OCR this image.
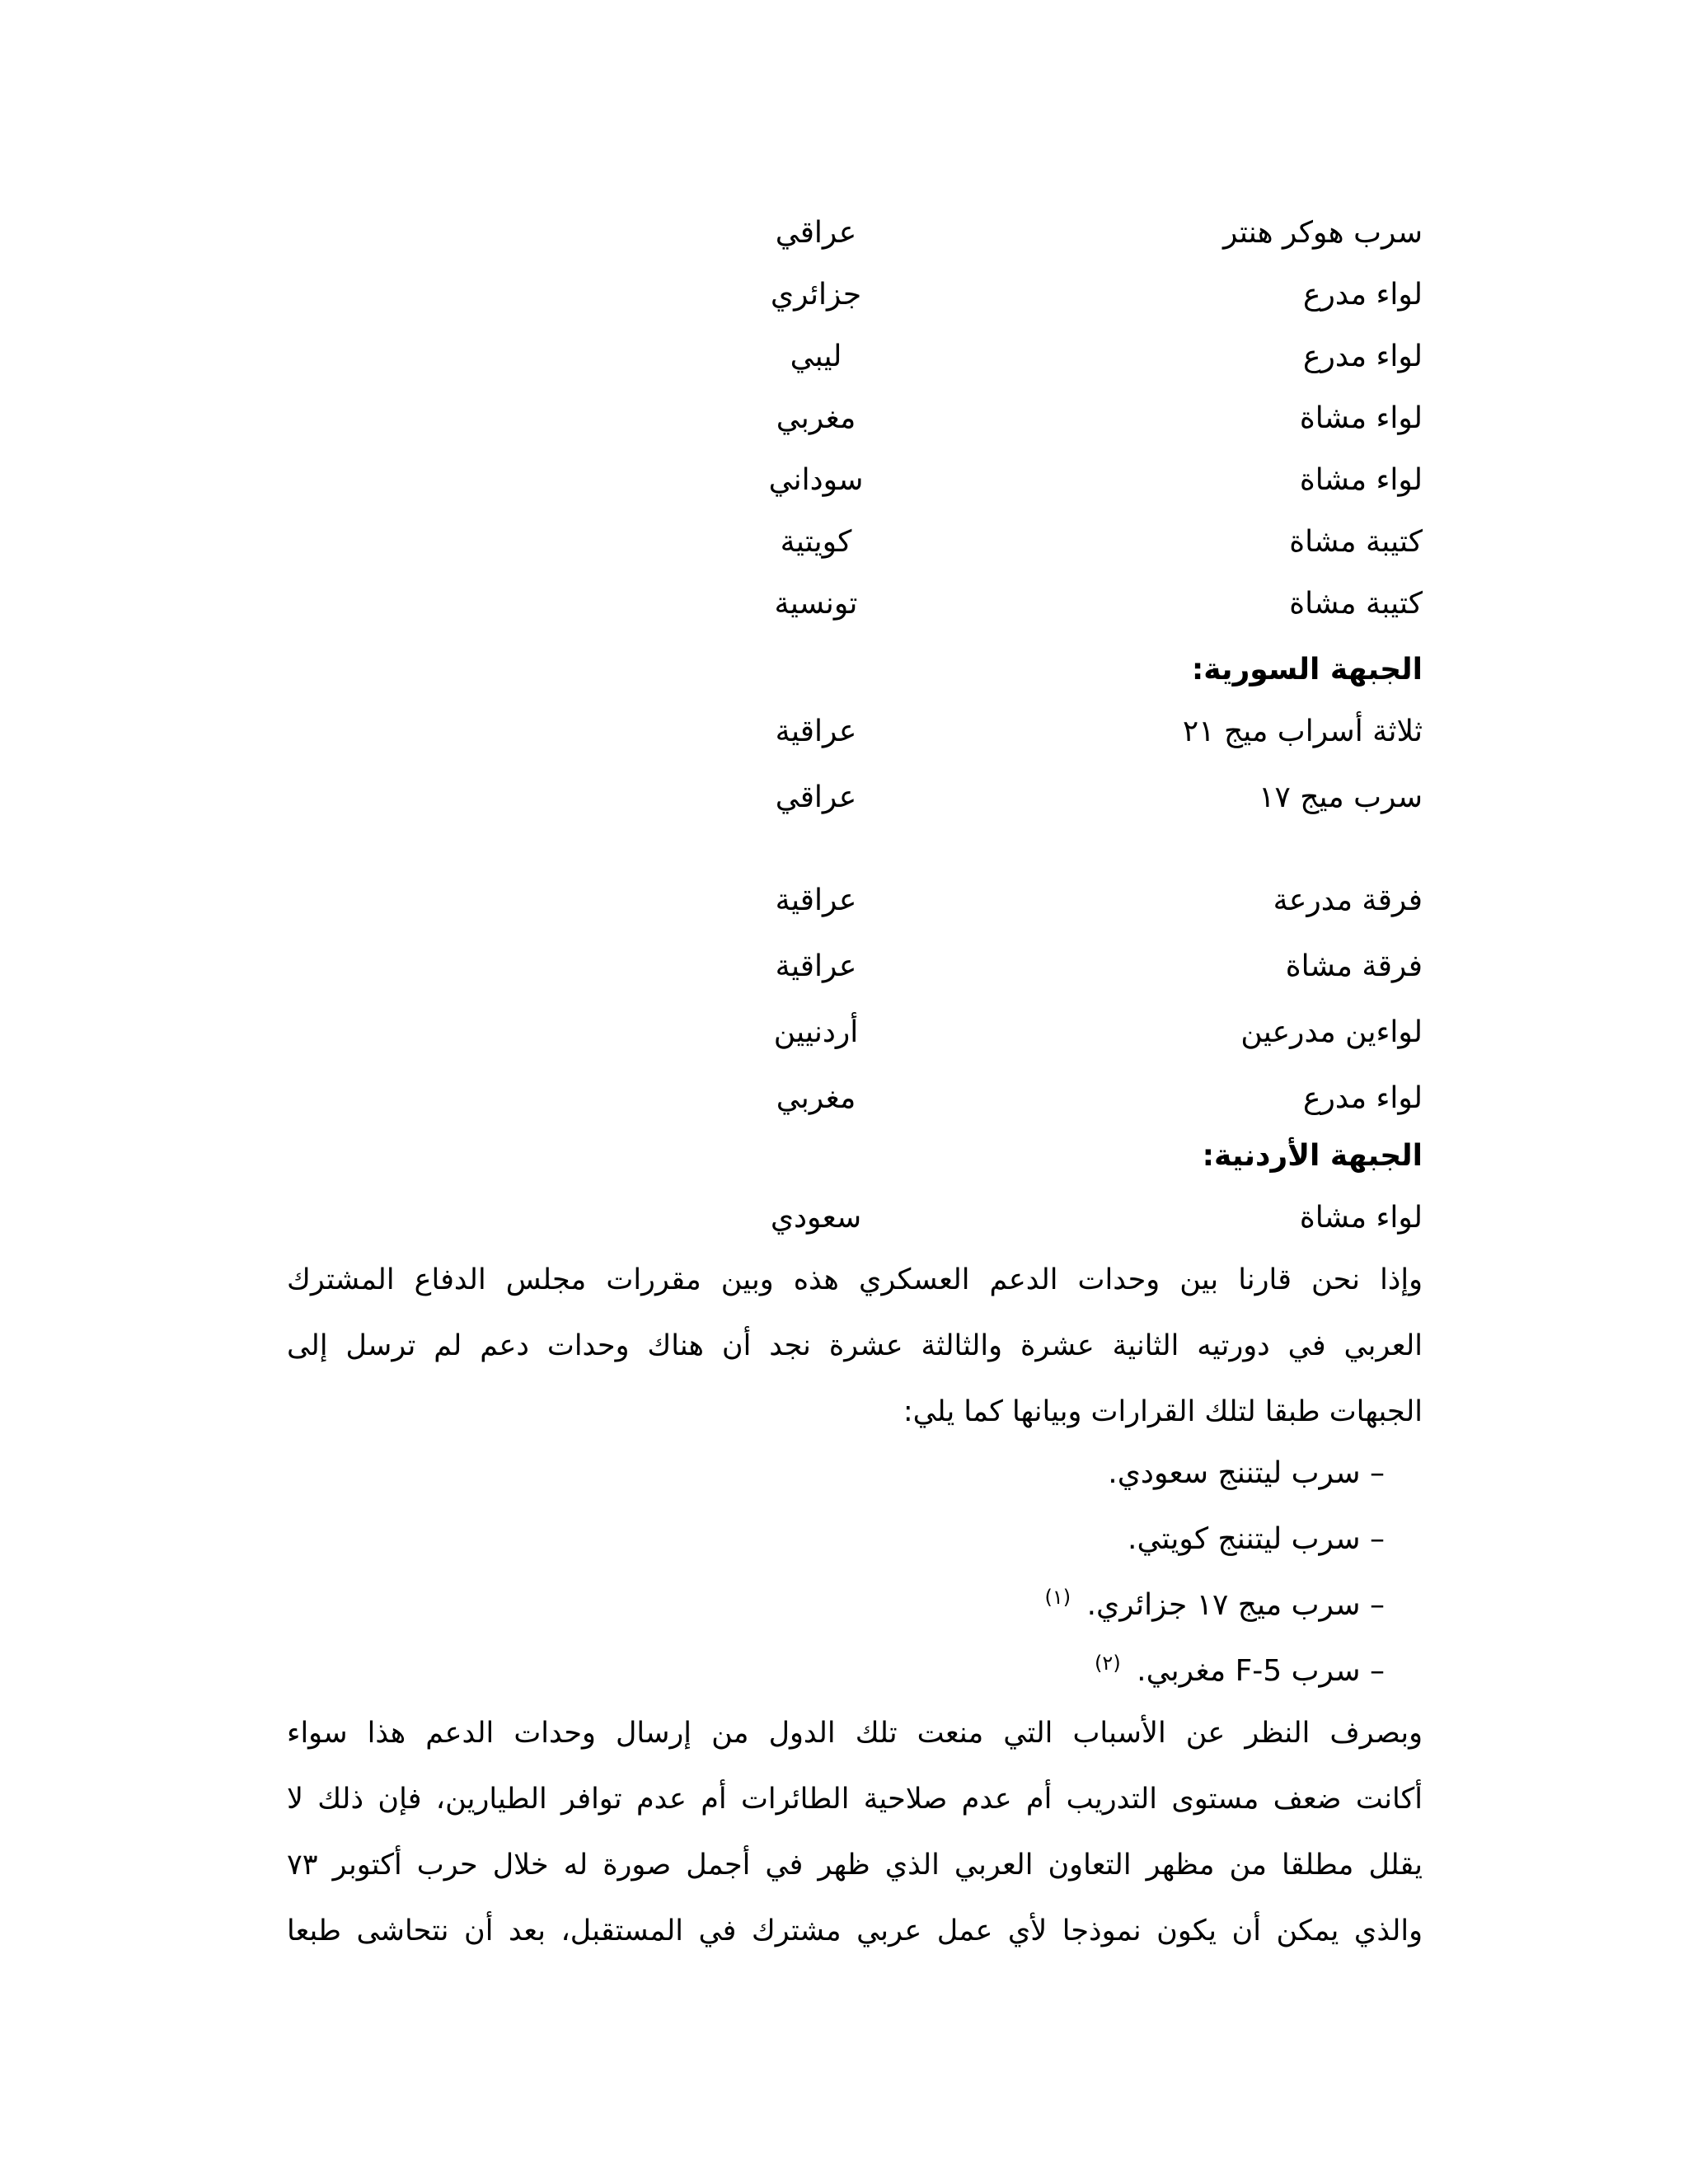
سرب هوكر هنتر
عراقي
لواء مدرع
جزائري
لواء مدرع
ليبي
لواء مشاة
مغربي
لواء مشاة
سوداني
كتيبة مشاة
كويتية
كتيبة مشاة
تونسية
الجبهة السورية:
ثلاثة أسراب ميج ٢١
عراقية
سرب ميج ١٧
عراقي
فرقة مدرعة
عراقية
فرقة مشاة
عراقية
لواءين مدرعين
أردنيين
لواء مدرع
مغربي
الجبهة الأردنية:
لواء مشاة
سعودي
وإذا نحن قارنا بين وحدات الدعم العسكري هذه وبين مقررات مجلس الدفاع المشترك
العربي في دورتيه الثانية عشرة والثالثة عشرة نجد أن هناك وحدات دعم لم ترسل إلى
الجبهات طبقا لتلك القرارات وبيانها كما يلي:
– سرب ليتننج سعودي.
– سرب ليتننج كويتي.
– سرب ميج ١٧ جزائري. $^{(١)}$
– سرب F-5 مغربي. $^{(٢)}$
وبصرف النظر عن الأسباب التي منعت تلك الدول من إرسال وحدات الدعم هذا سواء
أكانت ضعف مستوى التدريب أم عدم صلاحية الطائرات أم عدم توافر الطيارين، فإن ذلك لا
يقلل مطلقا من مظهر التعاون العربي الذي ظهر في أجمل صورة له خلال حرب أكتوبر ٧٣
والذي يمكن أن يكون نموذجا لأي عمل عربي مشترك في المستقبل، بعد أن نتحاشى طبعا
